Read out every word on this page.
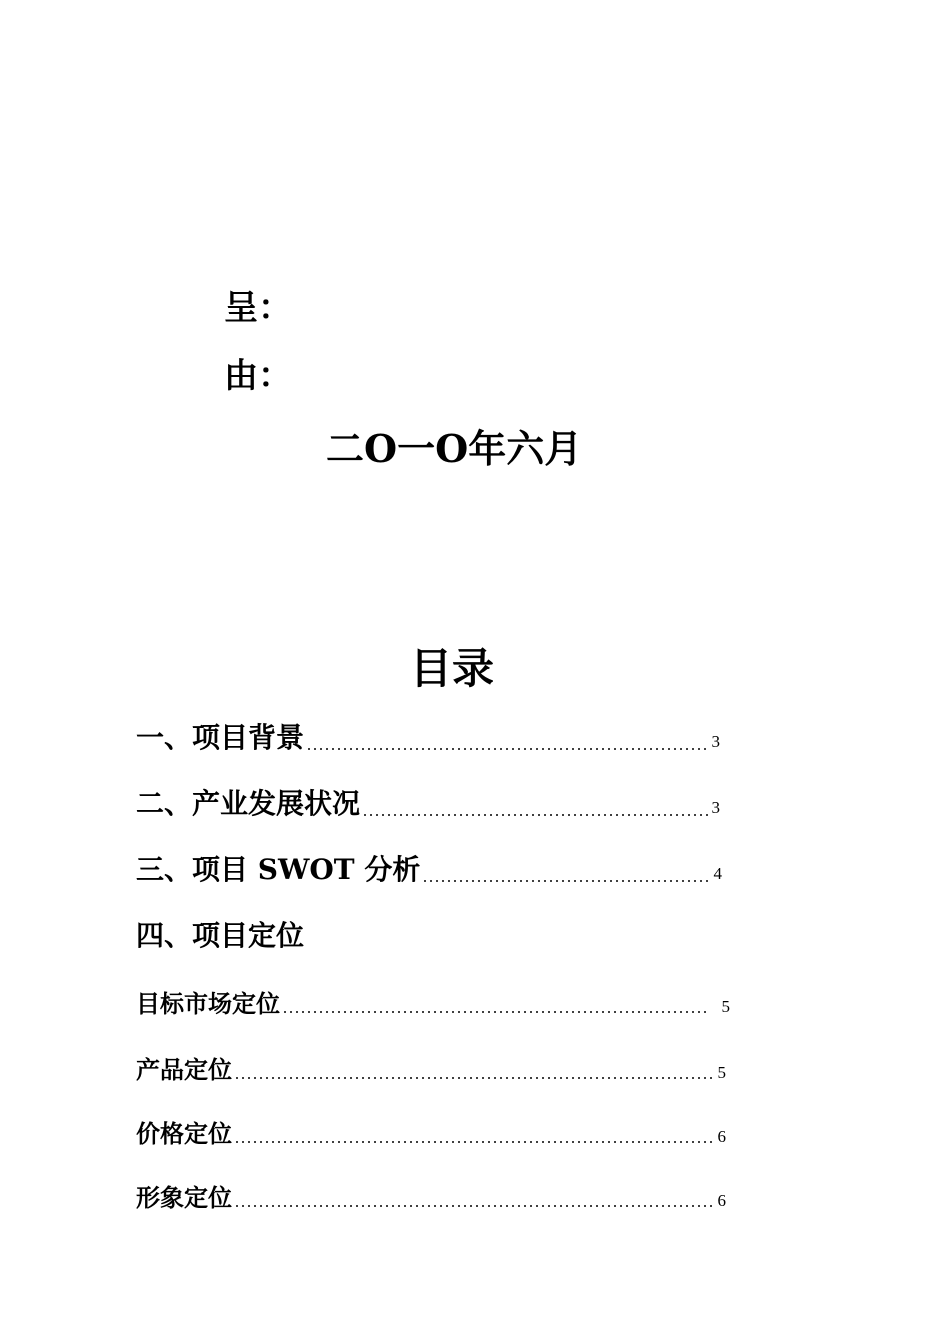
呈：
由：
二O一O年六月
目录
一、项目背景	3
二、产业发展状况	3
三、项目 SWOT 分析	4
四、项目定位
目标市场定位	5
产品定位	5
价格定位	6
形象定位	6
